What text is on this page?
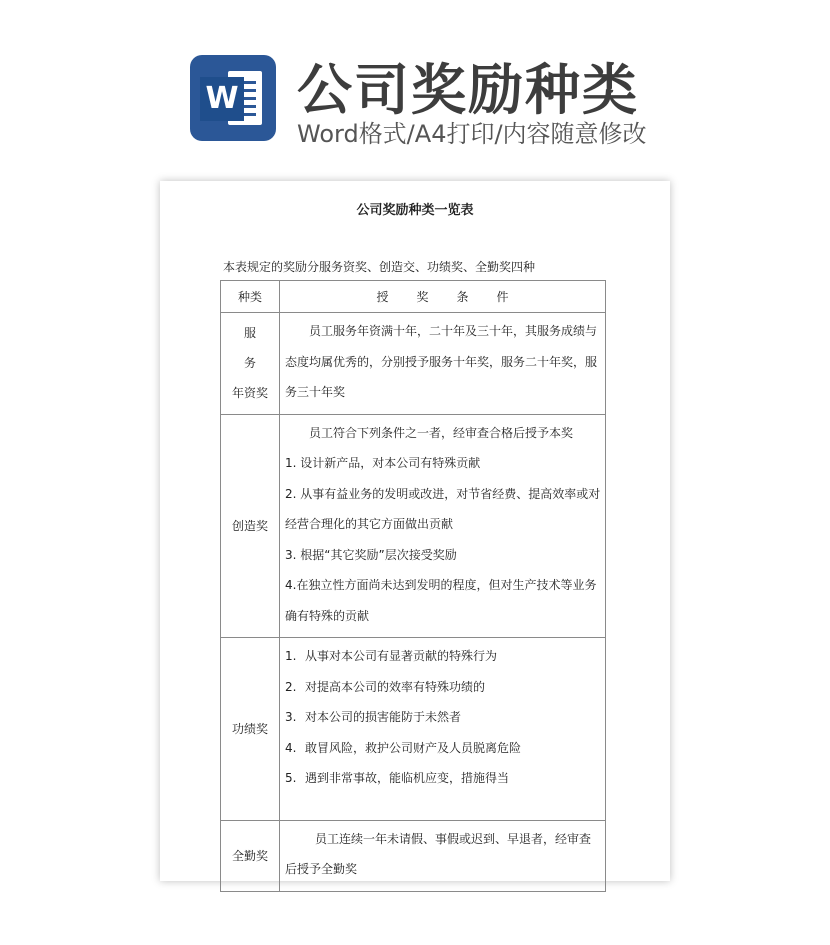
W 公司奖励种类
Word格式/A4打印/内容随意修改
公司奖励种类一览表
本表规定的奖励分服务资奖、创造交、功绩奖、全勤奖四种
种类	授奖条件

服务
年资奖	员工服务年资满十年，二十年及三十年，其服务成绩与态度均属优秀的，分别授予服务十年奖，服务二十年奖，服务三十年奖

创造奖	员工符合下列条件之一者，经审查合格后授予本奖

1. 设计新产品，对本公司有特殊贡献

2. 从事有益业务的发明或改进，对节省经费、提高效率或对经营合理化的其它方面做出贡献

3. 根据“其它奖励”层次接受奖励

4.在独立性方面尚未达到发明的程度，但对生产技术等业务确有特殊的贡献

功绩奖	1. 从事对本公司有显著贡献的特殊行为

2. 对提高本公司的效率有特殊功绩的

3. 对本公司的损害能防于未然者

4. 敢冒风险，救护公司财产及人员脱离危险

5. 遇到非常事故，能临机应变，措施得当

全勤奖	员工连续一年未请假、事假或迟到、早退者，经审查后授予全勤奖
